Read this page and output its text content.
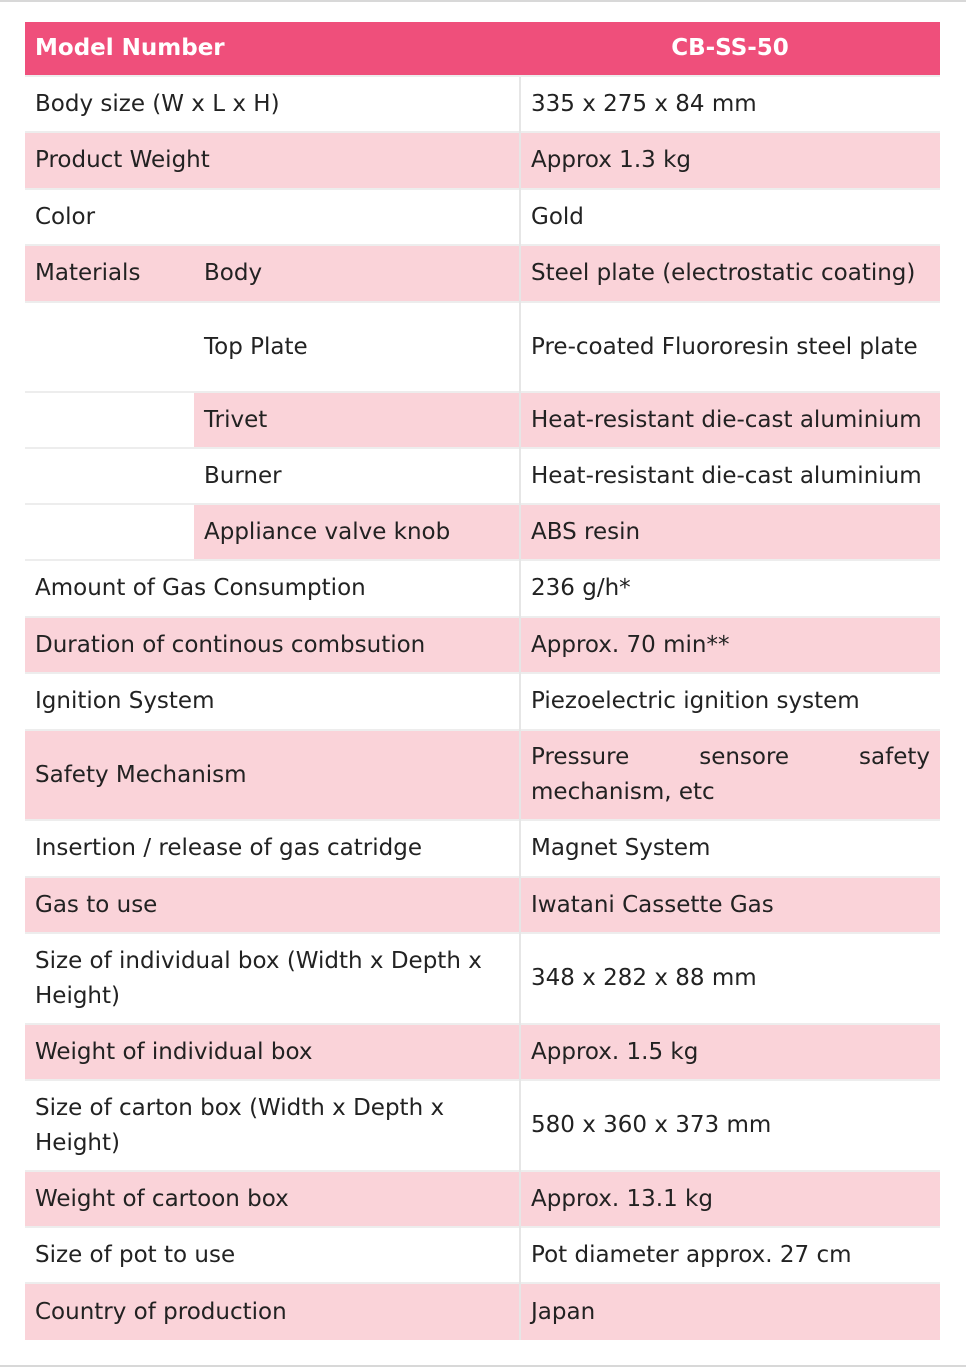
Model Number		CB-SS-50
Body size (W x L x H)		335 x 275 x 84 mm
Product Weight		Approx 1.3 kg
Color		Gold
Materials	Body	Steel plate (electrostatic coating)
	Top Plate	Pre-coated Fluororesin steel plate
	Trivet	Heat-resistant die-cast aluminium
	Burner	Heat-resistant die-cast aluminium
	Appliance valve knob	ABS resin
Amount of Gas Consumption		236 g/h*
Duration of continous combsution		Approx. 70 min**
Ignition System		Piezoelectric ignition system
Safety Mechanism		Pressure sensore safety mechanism, etc
Insertion / release of gas catridge		Magnet System
Gas to use		Iwatani Cassette Gas
Size of individual box (Width x Depth x Height)		348 x 282 x 88 mm
Weight of individual box		Approx. 1.5 kg
Size of carton box (Width x Depth x Height)		580 x 360 x 373 mm
Weight of cartoon box		Approx. 13.1 kg
Size of pot to use		Pot diameter approx. 27 cm
Country of production		Japan
